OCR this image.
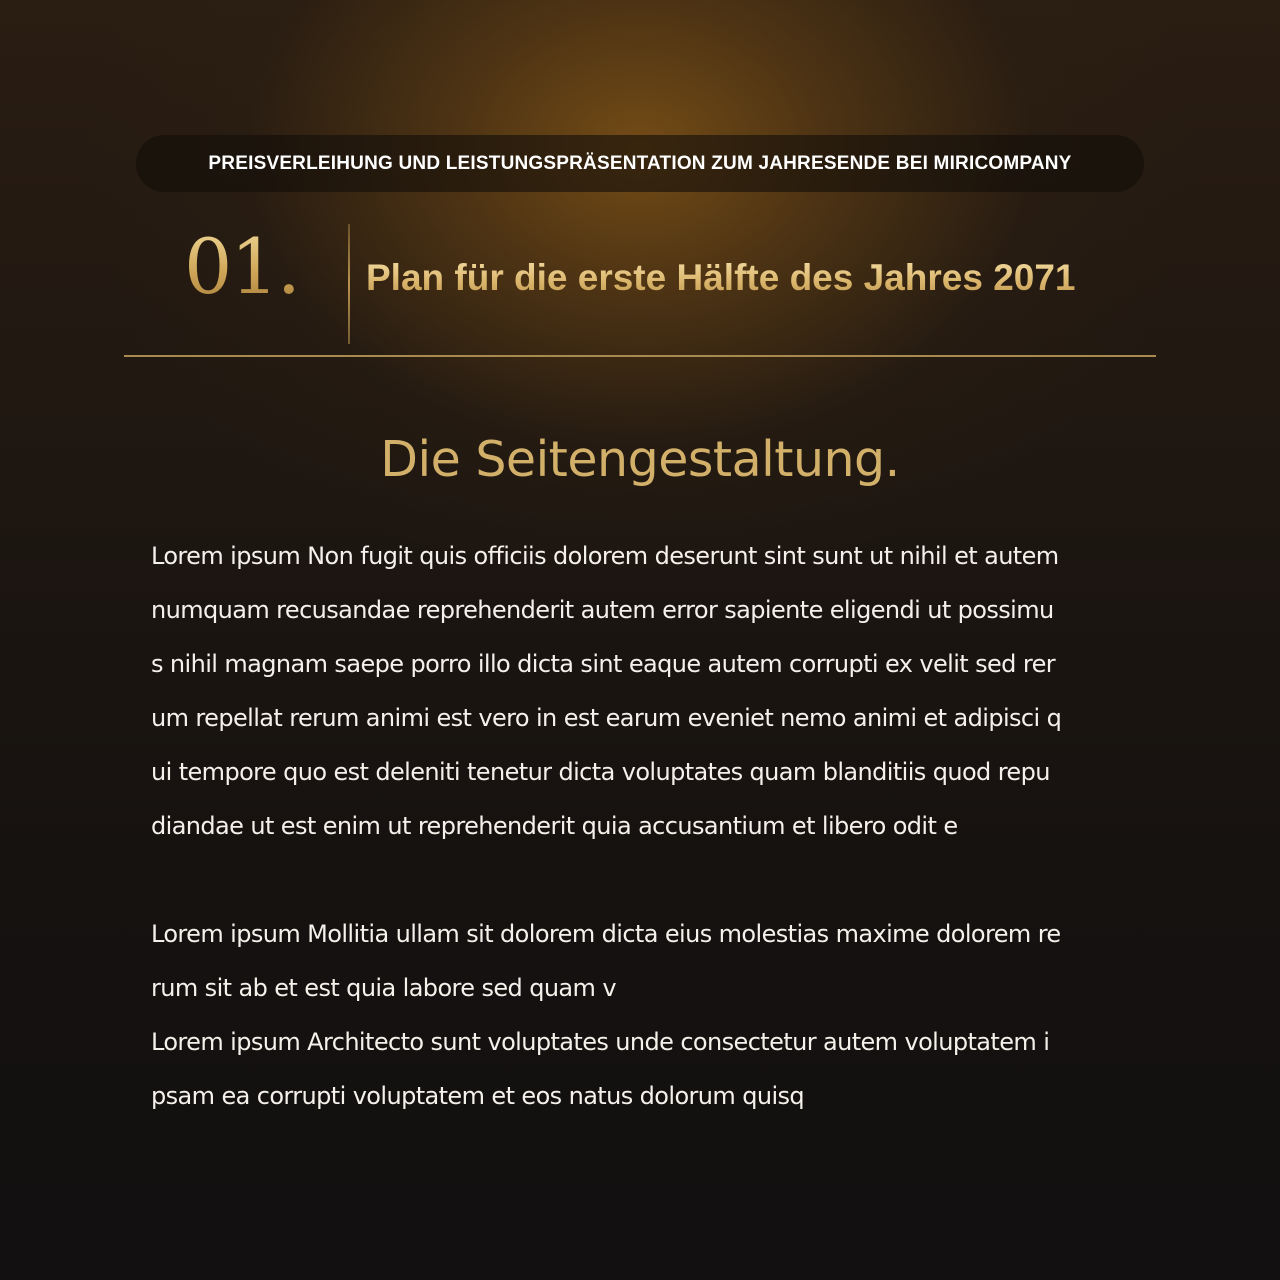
PREISVERLEIHUNG UND LEISTUNGSPRÄSENTATION ZUM JAHRESENDE BEI MIRICOMPANY
01.	Plan für die erste Hälfte des Jahres 2071
Die Seitengestaltung.
Lorem ipsum Non fugit quis officiis dolorem deserunt sint sunt ut nihil et autem
numquam recusandae reprehenderit autem error sapiente eligendi ut possimu
s nihil magnam saepe porro illo dicta sint eaque autem corrupti ex velit sed rer
um repellat rerum animi est vero in est earum eveniet nemo animi et adipisci q
ui tempore quo est deleniti tenetur dicta voluptates quam blanditiis quod repu
diandae ut est enim ut reprehenderit quia accusantium et libero odit e
Lorem ipsum Mollitia ullam sit dolorem dicta eius molestias maxime dolorem re
rum sit ab et est quia labore sed quam v
Lorem ipsum Architecto sunt voluptates unde consectetur autem voluptatem i
psam ea corrupti voluptatem et eos natus dolorum quisq
